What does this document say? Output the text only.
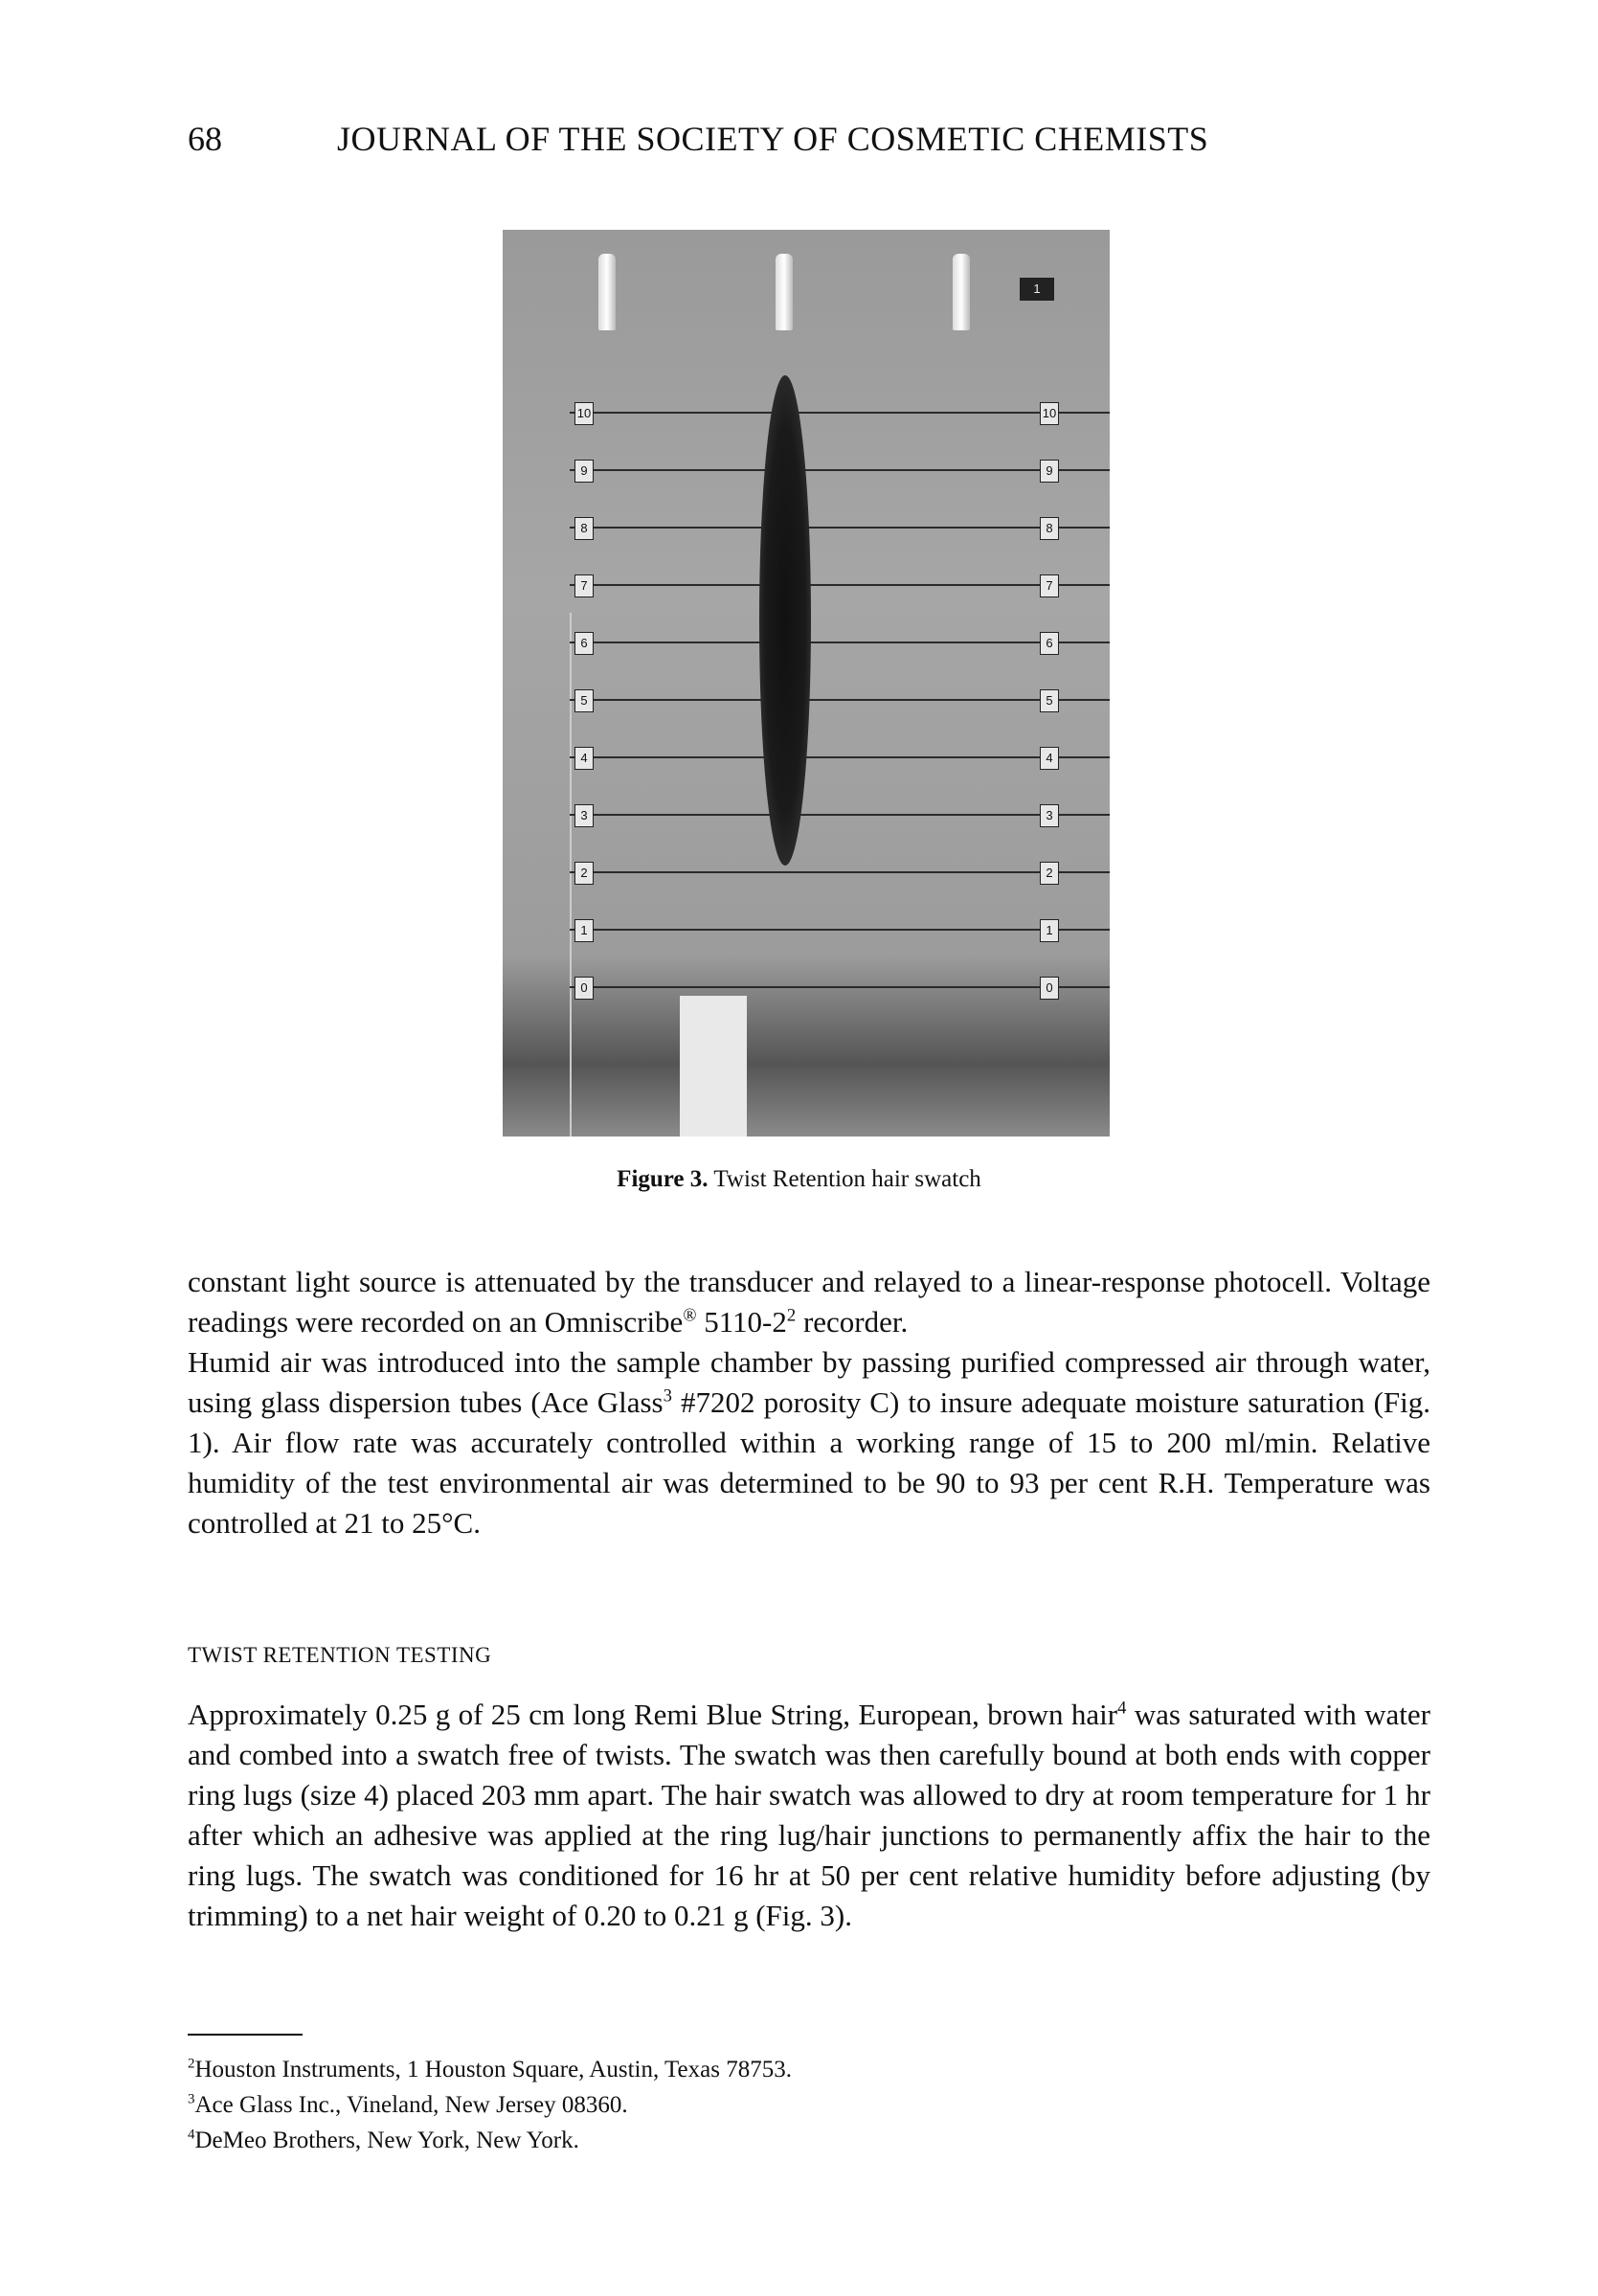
68	JOURNAL OF THE SOCIETY OF COSMETIC CHEMISTS
1
10	10
9	9
8	8
7	7
6	6
5	5
4	4
3	3
2	2
1	1
0	0
Figure 3. Twist Retention hair swatch
constant light source is attenuated by the transducer and relayed to a linear-response photocell. Voltage readings were recorded on an Omniscribe® $5110-2^2$ recorder.
Humid air was introduced into the sample chamber by passing purified compressed air through water, using glass dispersion tubes (Ace Glass$^3$ #7202 porosity C) to insure adequate moisture saturation (Fig. 1). Air flow rate was accurately controlled within a working range of 15 to 200 ml/min. Relative humidity of the test environmental air was determined to be 90 to 93 per cent R.H. Temperature was controlled at 21 to 25°C.
TWIST RETENTION TESTING
Approximately 0.25 g of 25 cm long Remi Blue String, European, brown hair$^4$ was saturated with water and combed into a swatch free of twists. The swatch was then carefully bound at both ends with copper ring lugs (size 4) placed 203 mm apart. The hair swatch was allowed to dry at room temperature for 1 hr after which an adhesive was applied at the ring lug/hair junctions to permanently affix the hair to the ring lugs. The swatch was conditioned for 16 hr at 50 per cent relative humidity before adjusting (by trimming) to a net hair weight of 0.20 to 0.21 g (Fig. 3).
$^2$Houston Instruments, 1 Houston Square, Austin, Texas 78753.
$^3$Ace Glass Inc., Vineland, New Jersey 08360.
$^4$DeMeo Brothers, New York, New York.
